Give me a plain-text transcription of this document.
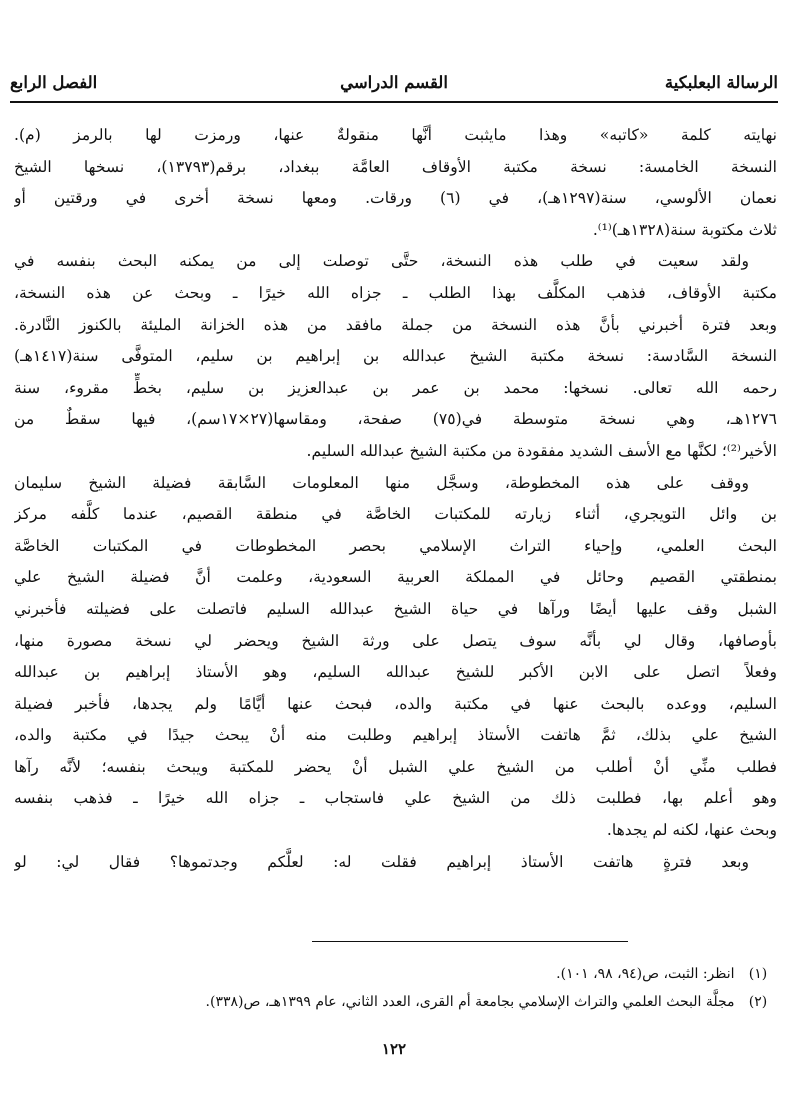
الفصل الرابع	القسم الدراسي	الرسالة البعلبكية
نهايته كلمة «كاتبه» وهذا مايثبت أنَّها منقولةٌ عنها، ورمزت لها بالرمز (م).
النسخة الخامسة: نسخة مكتبة الأوقاف العامَّة ببغداد، برقم(١٣٧٩٣)، نسخها الشيخ
نعمان الألوسي، سنة(١٢٩٧هـ)، في (٦) ورقات. ومعها نسخة أخرى في ورقتين أو
ثلاث مكتوبة سنة(١٣٢٨هـ)⁽¹⁾.
ولقد سعيت في طلب هذه النسخة، حتَّى توصلت إلى من يمكنه البحث بنفسه في
مكتبة الأوقاف، فذهب المكلَّف بهذا الطلب ـ جزاه الله خيرًا ـ وبحث عن هذه النسخة،
وبعد فترة أخبرني بأنَّ هذه النسخة من جملة مافقد من هذه الخزانة المليئة بالكنوز النَّادرة.
النسخة السَّادسة: نسخة مكتبة الشيخ عبدالله بن إبراهيم بن سليم، المتوفَّى سنة(١٤١٧هـ)
رحمه الله تعالى. نسخها: محمد بن عمر بن عبدالعزيز بن سليم، بخطٍّ مقروء، سنة
١٢٧٦هـ، وهي نسخة متوسطة في(٧٥) صفحة، ومقاسها(٢٧×١٧سم)، فيها سقطٌ من
الأخير⁽²⁾؛ لكنَّها مع الأسف الشديد مفقودة من مكتبة الشيخ عبدالله السليم.
ووقف على هذه المخطوطة، وسجَّل منها المعلومات السَّابقة فضيلة الشيخ سليمان
بن وائل التويجري، أثناء زيارته للمكتبات الخاصَّة في منطقة القصيم، عندما كلَّفه مركز
البحث العلمي، وإحياء التراث الإسلامي بحصر المخطوطات في المكتبات الخاصَّة
بمنطقتي القصيم وحائل في المملكة العربية السعودية، وعلمت أنَّ فضيلة الشيخ علي
الشبل وقف عليها أيضًا ورآها في حياة الشيخ عبدالله السليم فاتصلت على فضيلته فأخبرني
بأوصافها، وقال لي بأنَّه سوف يتصل على ورثة الشيخ ويحضر لي نسخة مصورة منها،
وفعلاً اتصل على الابن الأكبر للشيخ عبدالله السليم، وهو الأستاذ إبراهيم بن عبدالله
السليم، ووعده بالبحث عنها في مكتبة والده، فبحث عنها أيَّامًا ولم يجدها، فأخبر فضيلة
الشيخ علي بذلك، ثمَّ هاتفت الأستاذ إبراهيم وطلبت منه أنْ يبحث جيدًا في مكتبة والده،
فطلب منِّي أنْ أطلب من الشيخ علي الشبل أنْ يحضر للمكتبة ويبحث بنفسه؛ لأنَّه رآها
وهو أعلم بها، فطلبت ذلك من الشيخ علي فاستجاب ـ جزاه الله خيرًا ـ فذهب بنفسه
وبحث عنها، لكنه لم يجدها.
وبعد فترةٍ هاتفت الأستاذ إبراهيم فقلت له: لعلَّكم وجدتموها؟ فقال لي: لو
(١) انظر: الثبت، ص(٩٤، ٩٨، ١٠١).
(٢) مجلَّة البحث العلمي والتراث الإسلامي بجامعة أم القرى، العدد الثاني، عام ١٣٩٩هـ، ص(٣٣٨).
١٢٢
